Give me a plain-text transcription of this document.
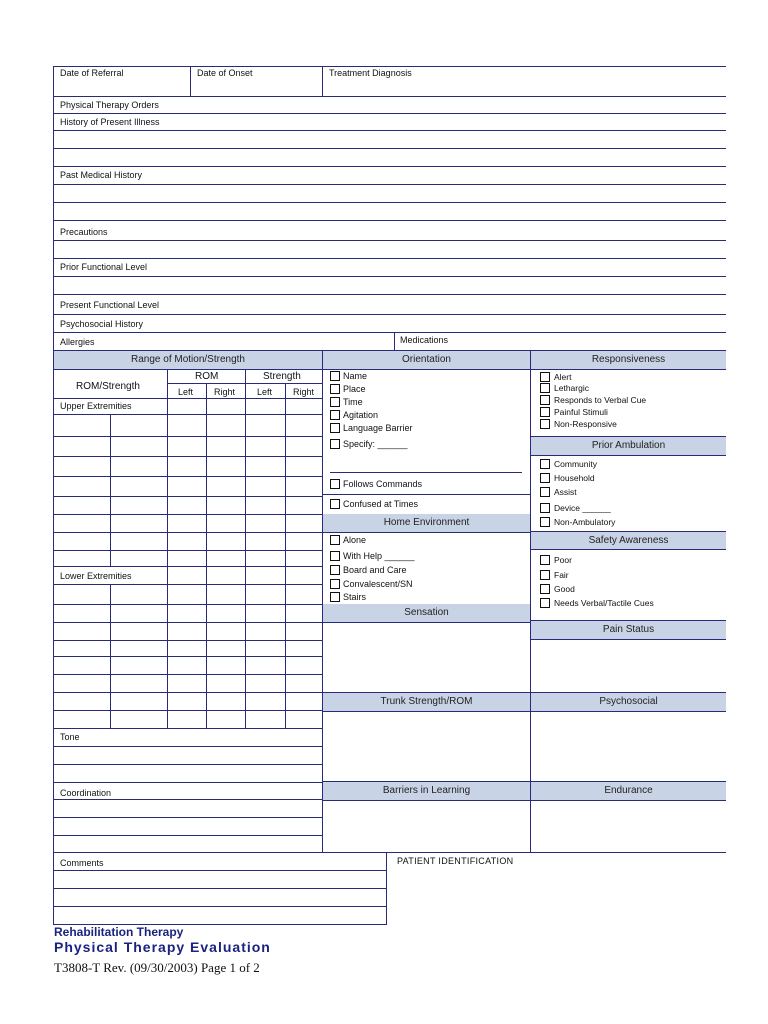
Date of Referral	Date of Onset	Treatment Diagnosis
Physical Therapy Orders
History of Present Illness
Past Medical History
Precautions
Prior Functional Level
Present Functional Level
Psychosocial History
Allergies	Medications
Range of Motion/Strength
ROM/Strength
ROM	Strength
Left Right Left Right
Upper Extremities
Lower Extremities
Tone
Coordination
Orientation
Name
Place
Time
Agitation
Language Barrier
Specify: ______
Follows Commands
Confused at Times
Home Environment
Alone
With Help ______
Board and Care
Convalescent/SN
Stairs
Sensation
Trunk Strength/ROM
Barriers in Learning
Responsiveness
Alert
Lethargic
Responds to Verbal Cue
Painful Stimuli
Non-Responsive
Prior Ambulation
Community
Household
Assist
Device ______
Non-Ambulatory
Safety Awareness
Poor
Fair
Good
Needs Verbal/Tactile Cues
Pain Status
Psychosocial
Endurance
Comments	PATIENT IDENTIFICATION
Rehabilitation Therapy
Physical Therapy Evaluation
T3808-T Rev. (09/30/2003) Page 1 of 2
